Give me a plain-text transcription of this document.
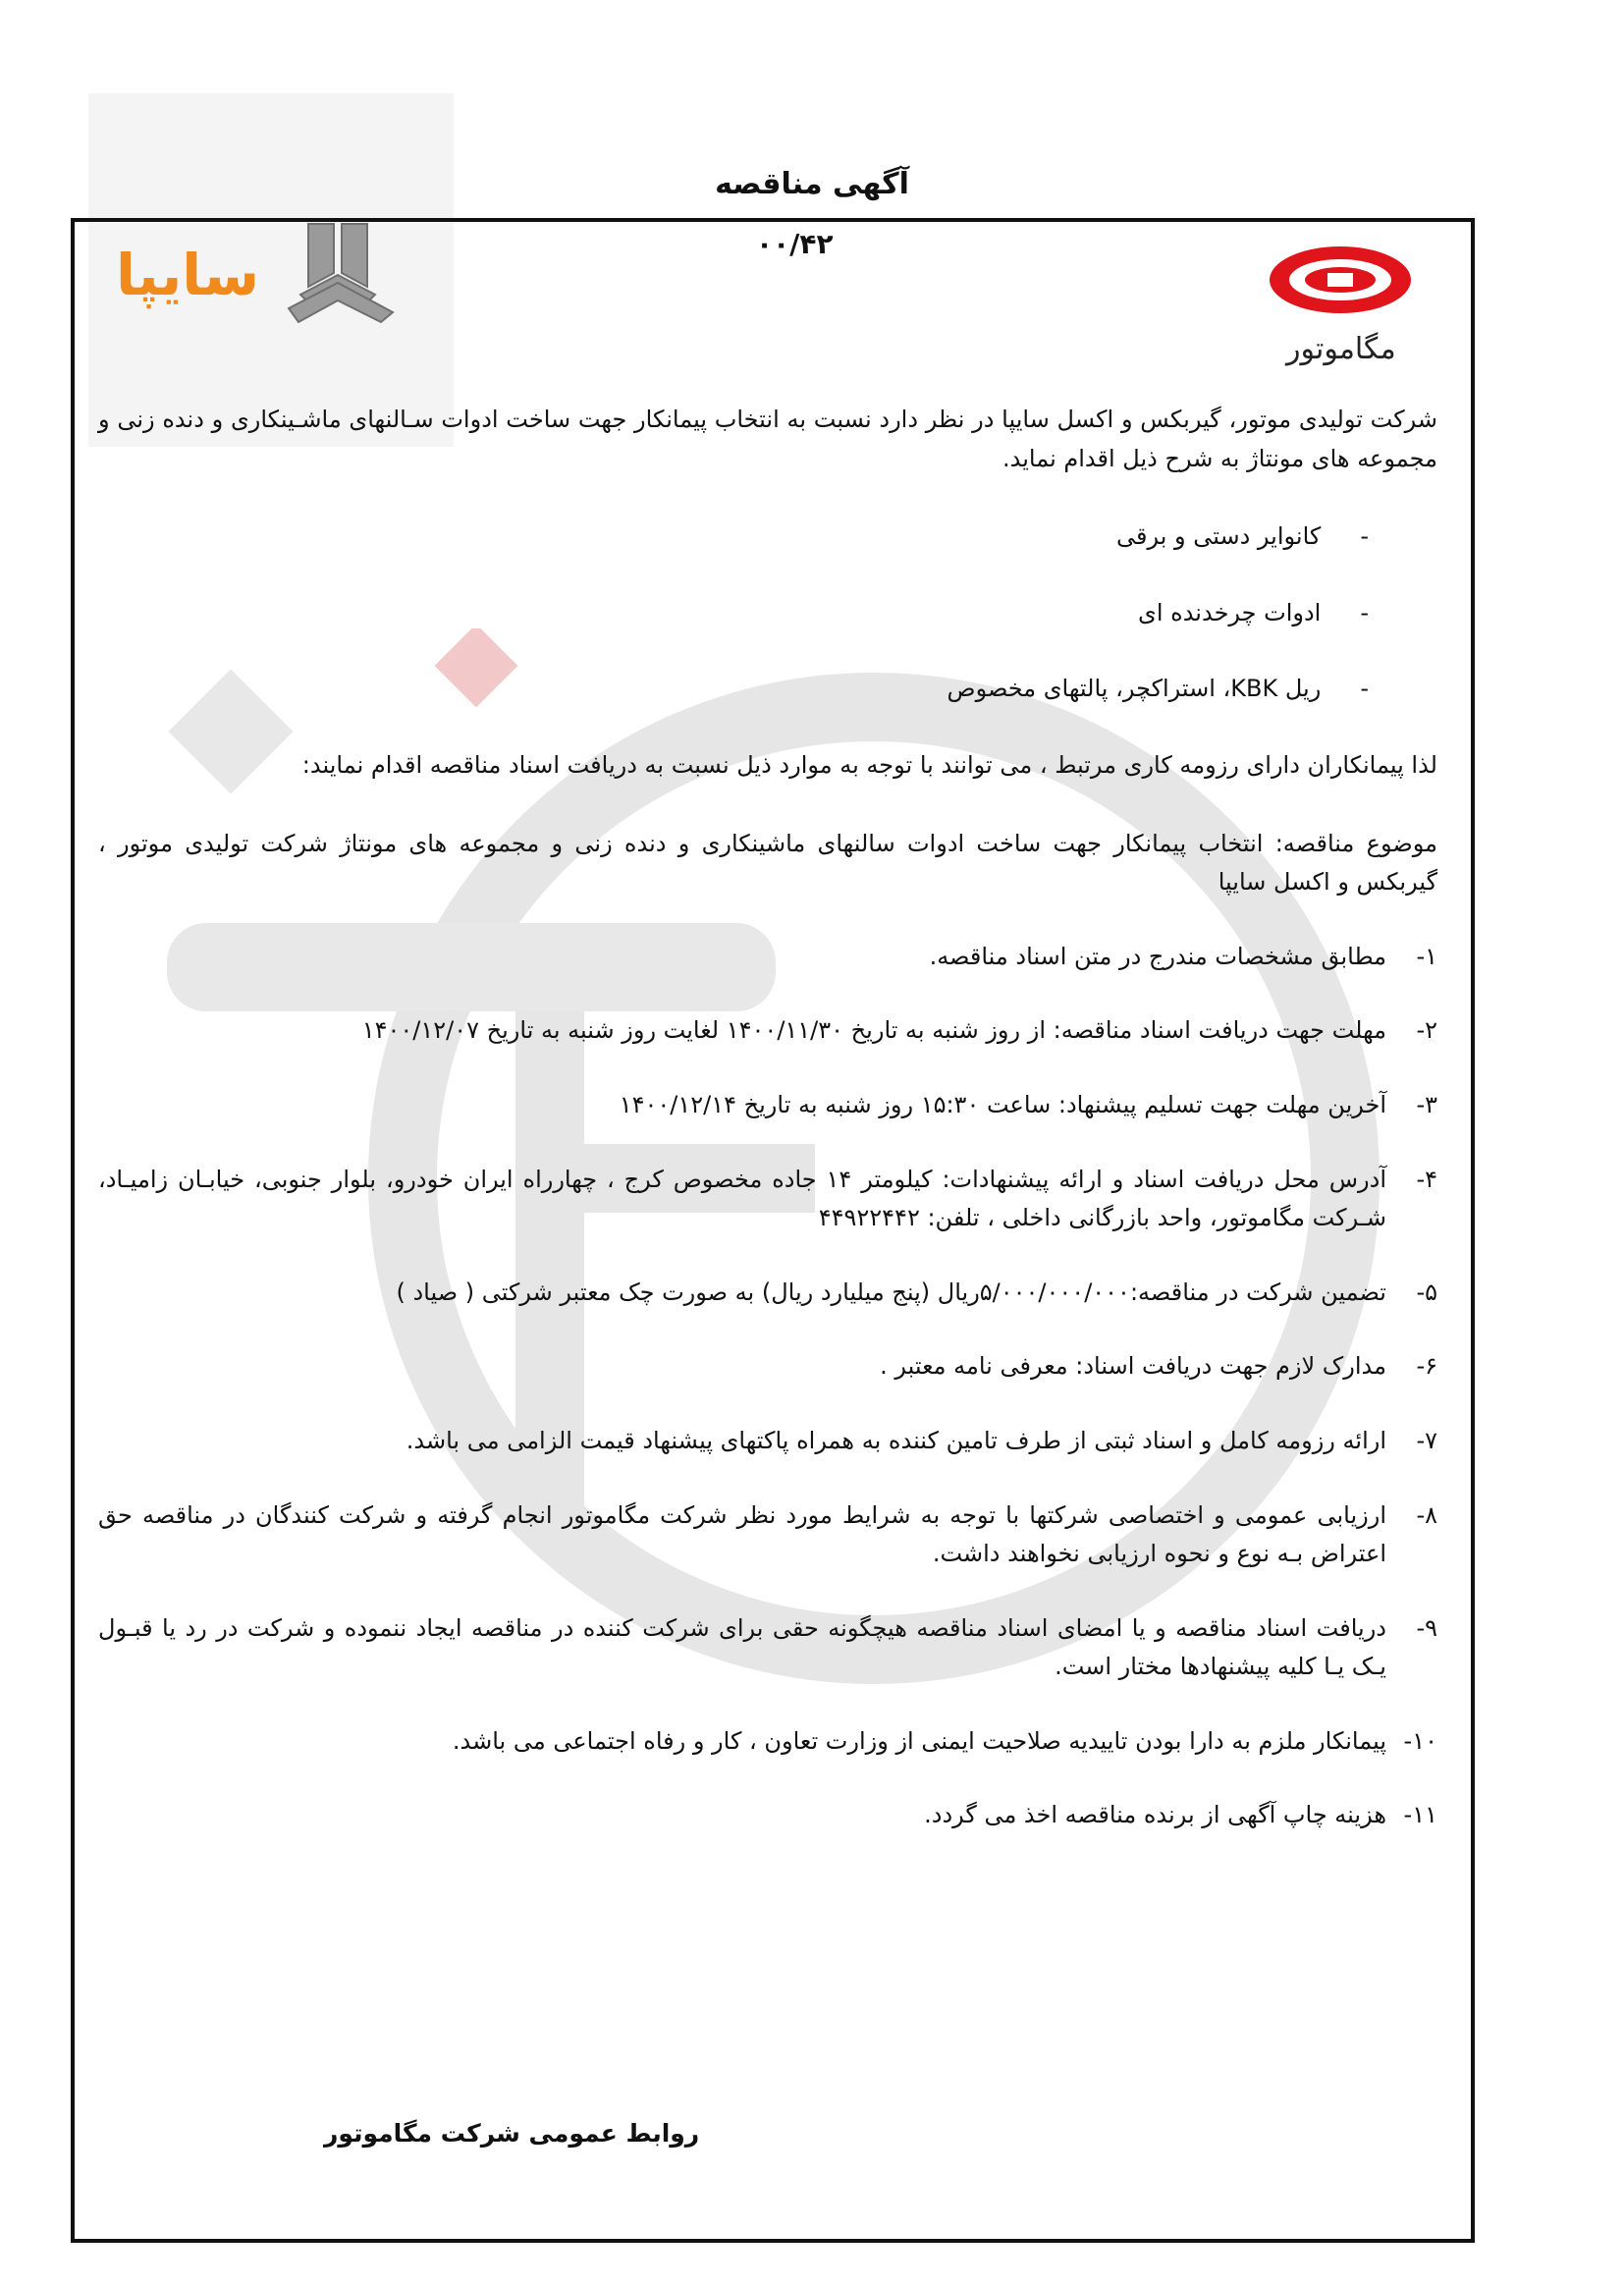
آگهی مناقصه
۰۰/۴۲
سایپا
مگاموتور

شرکت تولیدی موتور، گیربکس و اکسل سایپا در نظر دارد نسبت به انتخاب پیمانکار جهت ساخت ادوات سـالنهای ماشـینکاری و دنده زنی و مجموعه های مونتاژ به شرح ذیل اقدام نماید.

- کانوایر دستی و برقی
- ادوات چرخدنده ای
- ریل KBK، استراکچر، پالتهای مخصوص

لذا پیمانکاران دارای رزومه کاری مرتبط ، می توانند با توجه به موارد ذیل نسبت به دریافت اسناد مناقصه اقدام نمایند:

موضوع مناقصه: انتخاب پیمانکار جهت ساخت ادوات سالنهای ماشینکاری و دنده زنی و مجموعه های مونتاژ شرکت تولیدی موتور ، گیربکس و اکسل سایپا

۱-
مطابق مشخصات مندرج در متن اسناد مناقصه.
۲-
مهلت جهت دریافت اسناد مناقصه: از روز شنبه به تاریخ ۱۴۰۰/۱۱/۳۰ لغایت روز شنبه به تاریخ ۱۴۰۰/۱۲/۰۷
۳-
آخرین مهلت جهت تسلیم پیشنهاد: ساعت ۱۵:۳۰ روز شنبه به تاریخ ۱۴۰۰/۱۲/۱۴
۴-
آدرس محل دریافت اسناد و ارائه پیشنهادات: کیلومتر ۱۴ جاده مخصوص کرج ، چهارراه ایران خودرو، بلوار جنوبی، خیابـان زامیـاد، شـرکت مگاموتور، واحد بازرگانی داخلی ، تلفن: ۴۴۹۲۲۴۴۲
۵-
تضمین شرکت در مناقصه:۵/۰۰۰/۰۰۰/۰۰۰ریال (پنج میلیارد ریال) به صورت چک معتبر شرکتی ( صیاد )
۶-
مدارک لازم جهت دریافت اسناد: معرفی نامه معتبر .
۷-
ارائه رزومه کامل و اسناد ثبتی از طرف تامین کننده به همراه پاکتهای پیشنهاد قیمت الزامی می باشد.
۸-
ارزیابی عمومی و اختصاصی شرکتها با توجه به شرایط مورد نظر شرکت مگاموتور انجام گرفته و شرکت کنندگان در مناقصه حق اعتراض بـه نوع و نحوه ارزیابی نخواهند داشت.
۹-
دریافت اسناد مناقصه و یا امضای اسناد مناقصه هیچگونه حقی برای شرکت کننده در مناقصه ایجاد ننموده و شرکت در رد یا قبـول یـک یـا کلیه پیشنهادها مختار است.
۱۰-
پیمانکار ملزم به دارا بودن تاییدیه صلاحیت ایمنی از وزارت تعاون ، کار و رفاه اجتماعی می باشد.
۱۱-
هزینه چاپ آگهی از برنده مناقصه اخذ می گردد.
روابط عمومی شرکت مگاموتور
